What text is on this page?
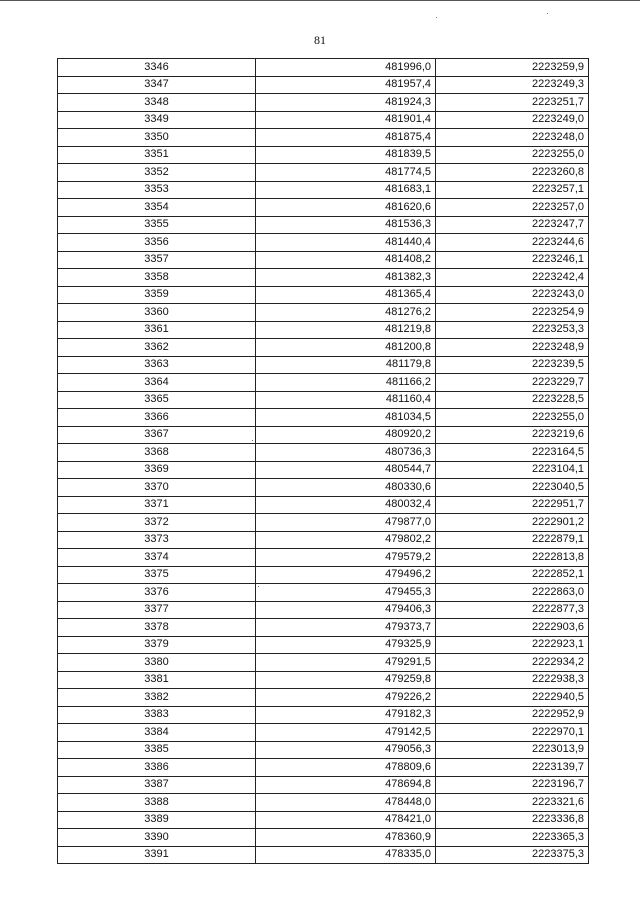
81
3346	481996,0	2223259,9
3347	481957,4	2223249,3
3348	481924,3	2223251,7
3349	481901,4	2223249,0
3350	481875,4	2223248,0
3351	481839,5	2223255,0
3352	481774,5	2223260,8
3353	481683,1	2223257,1
3354	481620,6	2223257,0
3355	481536,3	2223247,7
3356	481440,4	2223244,6
3357	481408,2	2223246,1
3358	481382,3	2223242,4
3359	481365,4	2223243,0
3360	481276,2	2223254,9
3361	481219,8	2223253,3
3362	481200,8	2223248,9
3363	481179,8	2223239,5
3364	481166,2	2223229,7
3365	481160,4	2223228,5
3366	481034,5	2223255,0
3367	480920,2	2223219,6
3368	480736,3	2223164,5
3369	480544,7	2223104,1
3370	480330,6	2223040,5
3371	480032,4	2222951,7
3372	479877,0	2222901,2
3373	479802,2	2222879,1
3374	479579,2	2222813,8
3375	479496,2	2222852,1
3376	479455,3	2222863,0
3377	479406,3	2222877,3
3378	479373,7	2222903,6
3379	479325,9	2222923,1
3380	479291,5	2222934,2
3381	479259,8	2222938,3
3382	479226,2	2222940,5
3383	479182,3	2222952,9
3384	479142,5	2222970,1
3385	479056,3	2223013,9
3386	478809,6	2223139,7
3387	478694,8	2223196,7
3388	478448,0	2223321,6
3389	478421,0	2223336,8
3390	478360,9	2223365,3
3391	478335,0	2223375,3
